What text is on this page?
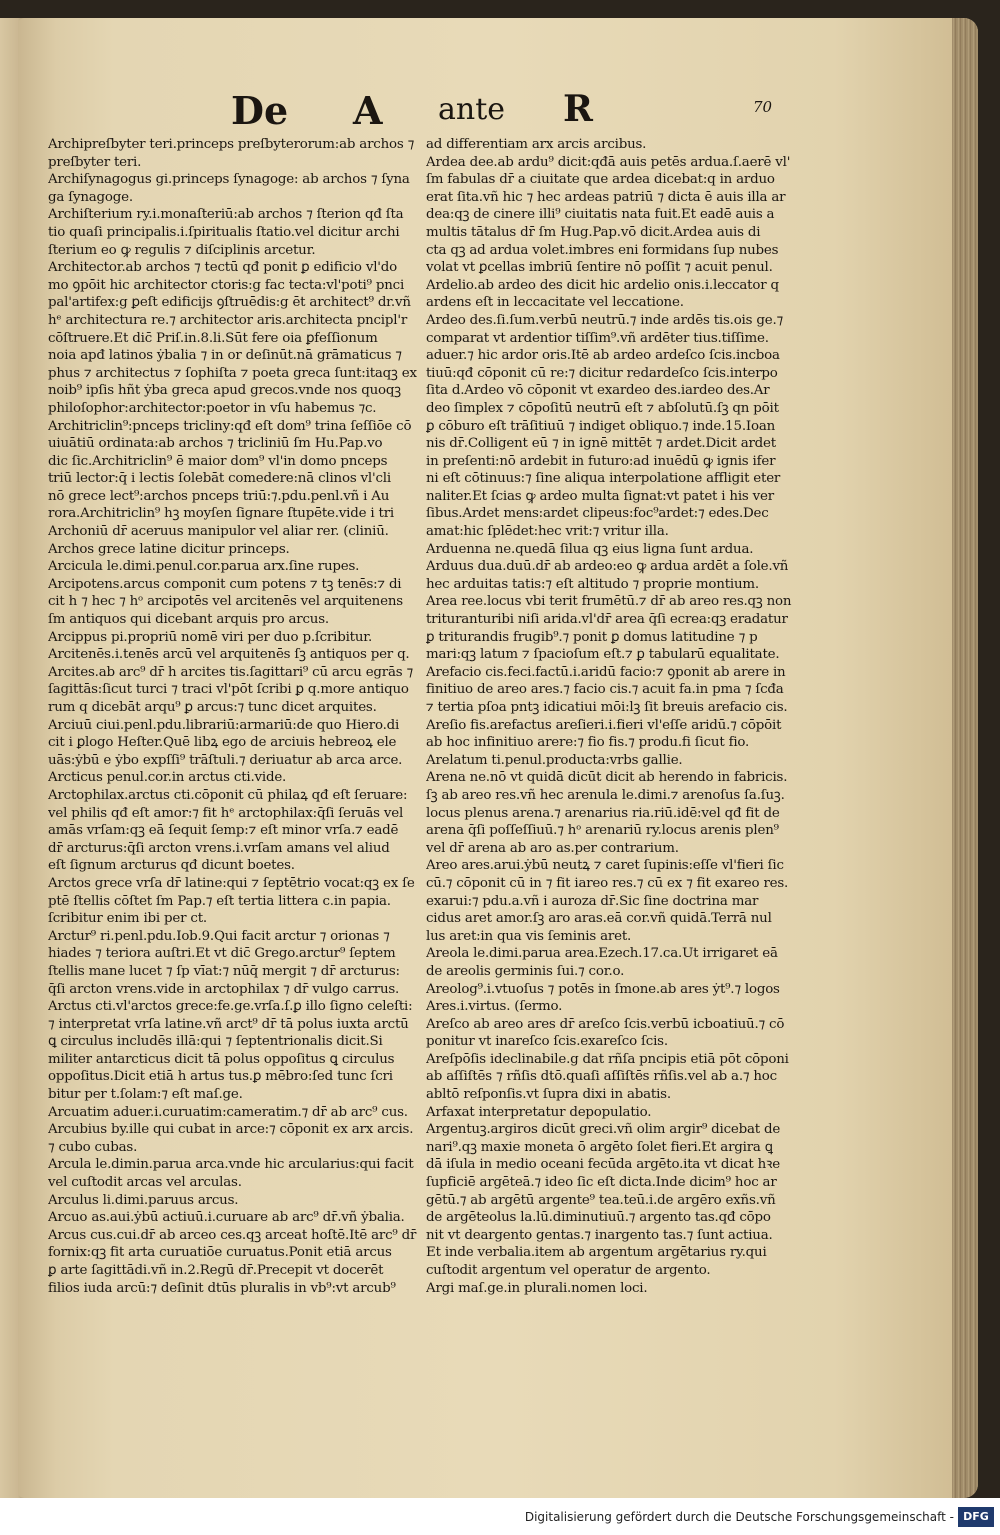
De A ante R	70
Archipreſbyter teri.princeps preſbyterorum:ab archos ⁊
preſbyter teri.
Archiſynagogus gi.princeps ſynagoge: ab archos ⁊ ſyna
ga ſynagoge.
Archiſterium ry.i.monaſteriū:ab archos ⁊ ſterion qđ ſta
tio quaſi principalis.i.ſpiritualis ſtatio.vel dicitur archi
ſterium eo ꝙ regulis ⁊ diſciplinis arcetur.
Architector.ab archos ⁊ tectū qđ ponit̄ ꝑ edificio vl'do
mo ꝯpōit̄ hic architector ctoris:g fac tecta:vl'poti⁹ pnci
pal'artifex:g ꝑeſt edificijs ꝯſtruēdis:g ēt architect⁹ dr.vñ
hᵉ architectura re.⁊ architector aris.architecta pncipl'r
cōſtruere.Et dic̄ Priſ.in.8.li.Sūt fere oia ꝑfeſſionum
noia apđ latinos ẏbalia ⁊ in or deſinūt.nā grāmaticus ⁊
phus ⁊ architectus ⁊ ſophiſta ⁊ poeta greca ſunt:itaqꝫ ex
noib⁹ ipſis hñt ẏba greca apud grecos.vnde nos quoqꝫ
philoſophor:architector:poetor in vſu habemus ⁊c.
Architriclin⁹:pnceps tricliny:qđ eſt dom⁹ trina ſeſſiōe cō
uiuātiū ordinata:ab archos ⁊ tricliniū ſm Hu.Pap.vo
dic ſic.Architriclin⁹ ē maior dom⁹ vl'in domo pnceps
triū lector:q̄ i lectis ſolebāt comedere:nā clinos vl'cli
nō grece lect⁹:archos pnceps triū:⁊.pdu.penl.vñ i Au
rora.Architriclin⁹ hꝫ moyſen ſignare ſtupēte.vide i tri
Archoniū dr̄ aceruus manipulor vel aliar rer. (cliniū.
Archos grece latine dicitur princeps.
Arcicula le.dimi.penul.cor.parua arx.ſine rupes.
Arcipotens.arcus componit̄ cum potens ⁊ tꝫ tenēs:⁊ di
cit̄ h ⁊ hec ⁊ hᵒ arcipotēs vel arcitenēs vel arquitenens
ſm antiquos qui dicebant arquis pro arcus.
Arcippus pi.propriū nomē viri per duo p.ſcribitur.
Arcitenēs.i.tenēs arcū vel arquitenēs ſꝫ antiquos per q.
Arcites.ab arc⁹ dr̄ h arcites tis.ſagittari⁹ cū arcu egrās ⁊
ſagittās:ſicut turci ⁊ traci vl'pōt ſcribi ꝑ q.more antiquo
rum q dicebāt arqu⁹ ꝑ arcus:⁊ tunc dicet̄ arquites.
Arciuū ciui.penl.pdu.librariū:armariū:de quo Hiero.di
cit i ꝑlogo Heſter.Quē libꝝ ego de arciuis hebreoꝝ ele
uās:ẏbū e ẏbo expſſi⁹ trāſtuli.⁊ deriuatur ab arca arce.
Arcticus penul.cor.in arctus cti.vide.
Arctophilax.arctus cti.cōponit̄ cū philaꝝ qđ eſt ſeruare:
vel philis qđ eſt amor:⁊ fit hᵉ arctophilax:q̄ſi ſeruās vel
amās vrſam:qꝫ eā ſequit̄ ſemp:⁊ eſt minor vrſa.⁊ eadē
dr̄ arcturus:q̄ſi arcton vrens.i.vrſam amans vel aliud
eſt ſignum arcturus qđ dicunt boetes.
Arctos grece vrſa dr̄ latine:qui ⁊ ſeptētrio vocat̄:qꝫ ex ſe
ptē ſtellis cōſtet ſm Pap.⁊ eſt tertia littera c.in papia.
ſcribitur enim ibi per ct.
Arctur⁹ ri.penl.pdu.Iob.9.Qui facit arctur ⁊ orionas ⁊
hiades ⁊ teriora auſtri.Et vt dic̄ Grego.arctur⁹ ſeptem
ſtellis mane lucet ⁊ ſp vīat̄:⁊ nūq̄ mergit̄ ⁊ dr̄ arcturus:
q̄ſi arcton vrens.vide in arctophilax ⁊ dr̄ vulgo carrus.
Arctus cti.vl'arctos grece:fe.ge.vrſa.ſ.ꝑ illo ſigno celeſti:
⁊ interpretat̄ vrſa latine.vñ arct⁹ dr̄ tā polus iuxta arctū
ꝗ circulus includēs illā:qui ⁊ ſeptentrionalis dicit̄.Si
militer antarcticus dicit̄ tā polus oppoſitus ꝗ circulus
oppoſitus.Dicit̄ etiā h artus tus.ꝑ mēbro:ſed tunc ſcri
bitur per t.ſolam:⁊ eſt maſ.ge.
Arcuatim aduer.i.curuatim:cameratim.⁊ dr̄ ab arc⁹ cus.
Arcubius by.ille qui cubat in arce:⁊ cōponit̄ ex arx arcis.
⁊ cubo cubas.
Arcula le.dimin.parua arca.vnde hic arcularius:qui facit
vel cuſtodit arcas vel arculas.
Arculus li.dimi.paruus arcus.
Arcuo as.aui.ẏbū actiuū.i.curuare ab arc⁹ dr̄.vñ ẏbalia.
Arcus cus.cui.dr̄ ab arceo ces.qꝫ arceat hoſtē.Itē arc⁹ dr̄
fornix:qꝫ fit arta curuatiōe curuatus.Ponit̄ etiā arcus
ꝑ arte ſagittādi.vñ in.2.Regū dr̄.Precepit vt docerēt
filios iuda arcū:⁊ deſinit dtūs pluralis in vb⁹:vt arcub⁹
ad differentiam arx arcis arcibus.
Ardea dee.ab ardu⁹ dicit̄:qđā auis petēs ardua.ſ.aerē vl'
ſm fabulas dr̄ a ciuitate que ardea dicebat̄:q in arduo
erat ſita.vñ hic ⁊ hec ardeas patriū ⁊ dicta ē auis illa ar
dea:qꝫ de cinere illi⁹ ciuitatis nata fuit.Et eadē auis a
multis tātalus dr̄ ſm Hug.Pap.vō dicit.Ardea auis di
cta qꝫ ad ardua volet.imbres eni formidans ſup nubes
volat vt ꝑcellas imbriū ſentire nō poſſit ⁊ acuit penul.
Ardelio.ab ardeo des dicit̄ hic ardelio onis.i.leccator q
ardens eſt in leccacitate vel leccatione.
Ardeo des.ſi.ſum.verbū neutrū.⁊ inde ardēs tis.ois ge.⁊
comparat̄ vt ardentior tiſſim⁹.vñ ardēter tius.tiſſime.
aduer.⁊ hic ardor oris.Itē ab ardeo ardeſco ſcis.incboa
tiuū:qđ cōponit̄ cū re:⁊ dicitur redardeſco ſcis.interpo
ſita d.Ardeo vō cōponit̄ vt exardeo des.iardeo des.Ar
deo ſimplex ⁊ cōpoſitū neutrū eſt ⁊ abſolutū.ſꝫ qn pōit̄
ꝑ cōburo eſt trāſitiuū ⁊ indiget obliquo.⁊ inde.15.Ioan
nis dr̄.Colligent eū ⁊ in ignē mittēt ⁊ ardet.Dicit̄ ardet
in preſenti:nō ardebit in futuro:ad inuēdū ꝙ ignis ifer
ni eſt cōtinuus:⁊ ſine aliqua interpolatione affligit eter
naliter.Et ſcias ꝙ ardeo multa ſignat:vt patet i his ver
ſibus.Ardet mens:ardet clipeus:foc⁹ardet:⁊ edes.Dec
amat:hic ſplēdet:hec vrit:⁊ vritur illa.
Arduenna ne.quedā ſilua qꝫ eius ligna ſunt ardua.
Arduus dua.duū.dr̄ ab ardeo:eo ꝙ ardua ardēt a ſole.vñ
hec arduitas tatis:⁊ eſt altitudo ⁊ proprie montium.
Area ree.locus vbi terit̄ frumētū.⁊ dr̄ ab areo res.qꝫ non
trituranturibi niſi arida.vl'dr̄ area q̄ſi ecrea:qꝫ eradatur
ꝑ triturandis frugib⁹.⁊ ponit̄ ꝑ domus latitudine ⁊ p
mari:qꝫ latum ⁊ ſpacioſum eſt.⁊ ꝑ tabularū equalitate.
Arefacio cis.feci.factū.i.aridū facio:⁊ ꝯponit̄ ab arere in
finitiuo de areo ares.⁊ facio cis.⁊ acuit̄ fa.in pma ⁊ ſcđa
⁊ tertia pſoa pnt̄ꝫ idicatiui mōi:lꝫ ſit breuis arefacio cis.
Areſio fis.arefactus areſieri.i.fieri vl'eſſe aridū.⁊ cōpōit̄
ab hoc infinitiuo arere:⁊ fio fis.⁊ produ.fi ſicut fio.
Arelatum ti.penul.producta:vrbs gallie.
Arena ne.nō vt quidā dicūt dicit̄ ab herendo in fabricis.
ſꝫ ab areo res.vñ hec arenula le.dimi.⁊ arenoſus ſa.ſuꝫ.
locus plenus arena.⁊ arenarius ria.riū.idē:vel qđ fit de
arena q̄ſi poſſeſſiuū.⁊ hᵒ arenariū ry.locus arenis plen⁹
vel dr̄ arena ab aro as.per contrarium.
Areo ares.arui.ẏbū neutꝝ ⁊ caret ſupinis:eſſe vl'fieri ſic
cū.⁊ cōponit̄ cū in ⁊ fit iareo res.⁊ cū ex ⁊ fit exareo res.
exarui:⁊ pdu.a.vñ i auroza dr̄.Sic ſine doctrina mar
cidus aret amor.ſꝫ aro aras.eā cor.vñ quidā.Terrā nul
lus aret:in qua vis ſeminis aret.
Areola le.dimi.parua area.Ezech.17.ca.Ut irrigaret eā
de areolis germinis ſui.⁊ cor.o.
Areolog⁹.i.vtuoſus ⁊ potēs in ſmone.ab ares ẏt⁹.⁊ logos
Ares.i.virtus. (ſermo.
Areſco ab areo ares dr̄ areſco ſcis.verbū icboatiuū.⁊ cō
ponitur vt inareſco ſcis.exareſco ſcis.
Areſpōſis ideclinabile.g dat rñſa pncipis etiā pōt cōponi
ab aſſiſtēs ⁊ rñſis dtō.quaſi aſſiſtēs rñſis.vel ab a.⁊ hoc
abltō reſponſis.vt ſupra dixi in abatis.
Arfaxat interpretatur depopulatio.
Argentuꝫ.argiros dicūt greci.vñ olim argir⁹ dicebat̄ de
nari⁹.qꝫ maxie moneta ō argēto ſolet fieri.Et argira ꝗ
dā iſula in medio oceani fecūda argēto.ita vt dicat̄ hꝛe
ſupficiē argēteā.⁊ ideo ſic eſt dicta.Inde dicim⁹ hoc ar
gētū.⁊ ab argētū argente⁹ tea.teū.i.de argēro exñs.vñ
de argēteolus la.lū.diminutiuū.⁊ argento tas.qđ cōpo
nit vt deargento gentas.⁊ inargento tas.⁊ ſunt actiua.
Et inde verbalia.item ab argentum argētarius ry.qui
cuſtodit argentum vel operatur de argento.
Argi maſ.ge.in plurali.nomen loci.
Digitalisierung gefördert durch die Deutsche Forschungsgemeinschaft - DFG
